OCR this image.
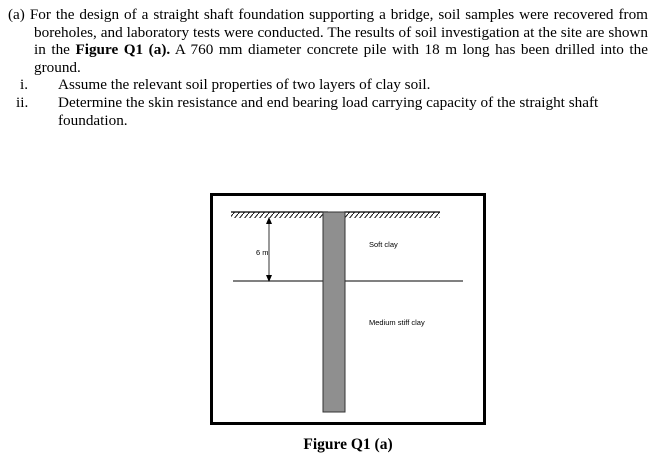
(a) For the design of a straight shaft foundation supporting a bridge, soil samples were recovered from boreholes, and laboratory tests were conducted. The results of soil investigation at the site are shown in the Figure Q1 (a). A 760 mm diameter concrete pile with 18 m long has been drilled into the ground.

i.	Assume the relevant soil properties of two layers of clay soil.
ii.	Determine the skin resistance and end bearing load carrying capacity of the straight shaft foundation.
6 m
Soft clay
Medium stiff clay
Figure Q1 (a)
